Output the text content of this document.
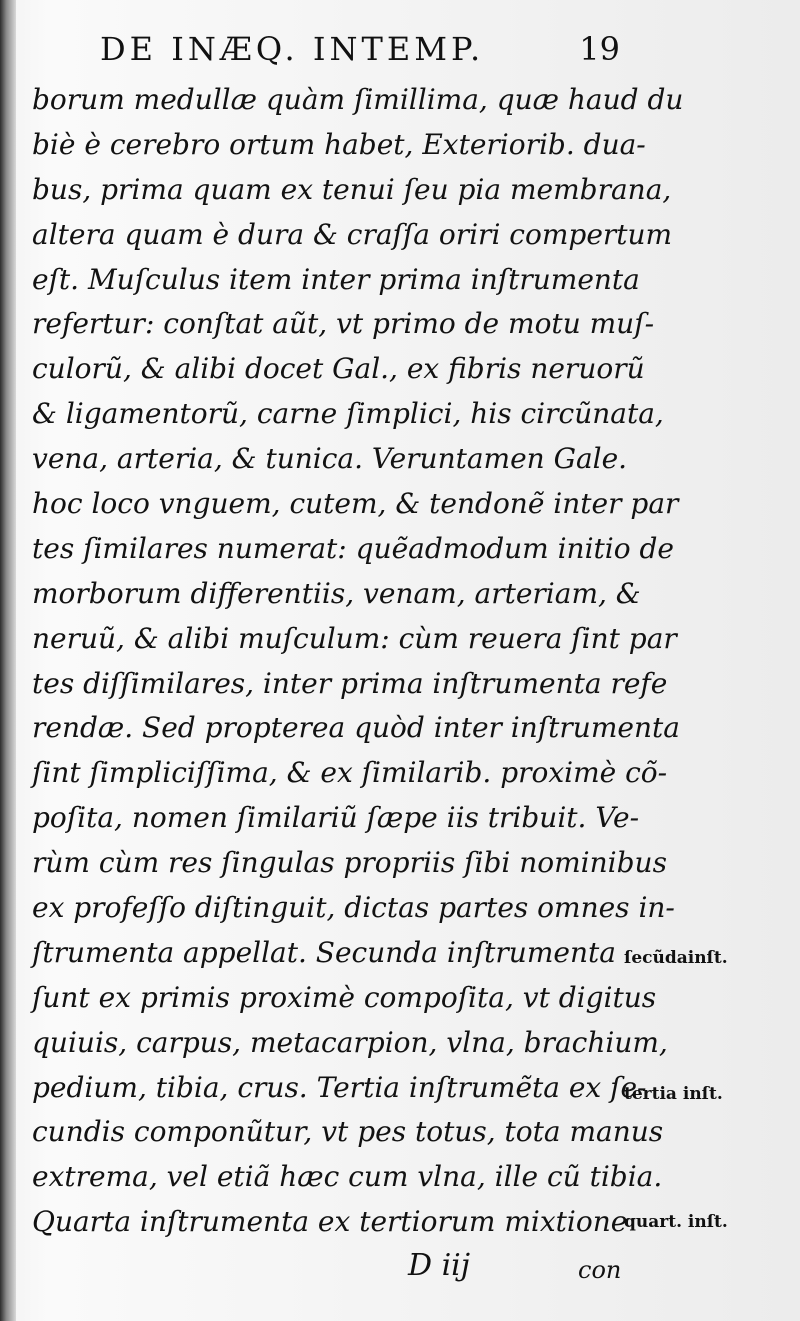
DE INÆQ. INTEMP.	19
borum medullæ quàm ſimillima, quæ haud du
biè è cerebro ortum habet, Exteriorib. dua-
bus, prima quam ex tenui ſeu pia membrana,
altera quam è dura & craſſa oriri compertum
eſt. Muſculus item inter prima inſtrumenta
refertur: conſtat aũt, vt primo de motu muſ-
culorũ, & alibi docet Gal., ex fibris neruorũ
& ligamentorũ, carne ſimplici, his circũnata,
vena, arteria, & tunica. Veruntamen Gale.
hoc loco vnguem, cutem, & tendonẽ inter par
tes ſimilares numerat: quẽadmodum initio de
morborum differentiis, venam, arteriam, &
neruũ, & alibi muſculum: cùm reuera ſint par
tes diſſimilares, inter prima inſtrumenta refe
rendæ. Sed propterea quòd inter inſtrumenta
ſint ſimpliciſſima, & ex ſimilarib. proximè cõ-
poſita, nomen ſimilariũ ſæpe iis tribuit. Ve-
rùm cùm res ſingulas propriis ſibi nominibus
ex profeſſo diſtinguit, dictas partes omnes in-
ſtrumenta appellat. Secunda inſtrumenta
ſunt ex primis proximè compoſita, vt digitus
quiuis, carpus, metacarpion, vlna, brachium,
pedium, tibia, crus. Tertia inſtrumẽta ex ſe-
cundis componũtur, vt pes totus, tota manus
extrema, vel etiã hæc cum vlna, ille cũ tibia.
Quarta inſtrumenta ex tertiorum mixtione
ſecũdainſt.
tertia inſt.
quart. inſt.
D iij	con
